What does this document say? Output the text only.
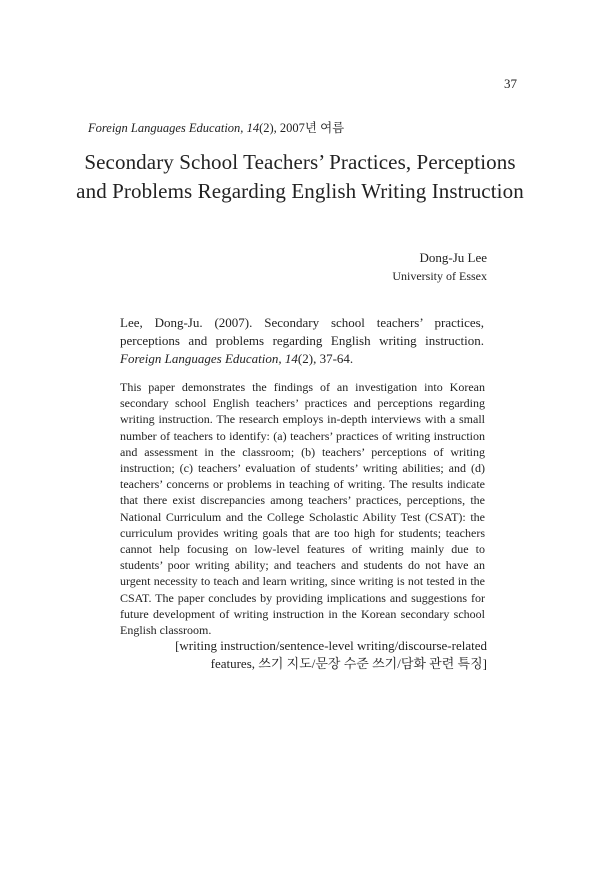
37
Foreign Languages Education, 14(2), 2007년 여름
Secondary School Teachers’ Practices, Perceptions
and Problems Regarding English Writing Instruction
Dong-Ju Lee
University of Essex
Lee, Dong-Ju. (2007). Secondary school teachers’ practices, perceptions and problems regarding English writing instruction. Foreign Languages Education, 14(2), 37-64.
This paper demonstrates the findings of an investigation into Korean secondary school English teachers’ practices and perceptions regarding writing instruction. The research employs in-depth interviews with a small number of teachers to identify: (a) teachers’ practices of writing instruction and assessment in the classroom; (b) teachers’ perceptions of writing instruction; (c) teachers’ evaluation of students’ writing abilities; and (d) teachers’ concerns or problems in teaching of writing. The results indicate that there exist discrepancies among teachers’ practices, perceptions, the National Curriculum and the College Scholastic Ability Test (CSAT): the curriculum provides writing goals that are too high for students; teachers cannot help focusing on low-level features of writing mainly due to students’ poor writing ability; and teachers and students do not have an urgent necessity to teach and learn writing, since writing is not tested in the CSAT. The paper concludes by providing implications and suggestions for future development of writing instruction in the Korean secondary school English classroom.
[writing instruction/sentence-level writing/discourse-related
features, 쓰기 지도/문장 수준 쓰기/담화 관련 특징]
